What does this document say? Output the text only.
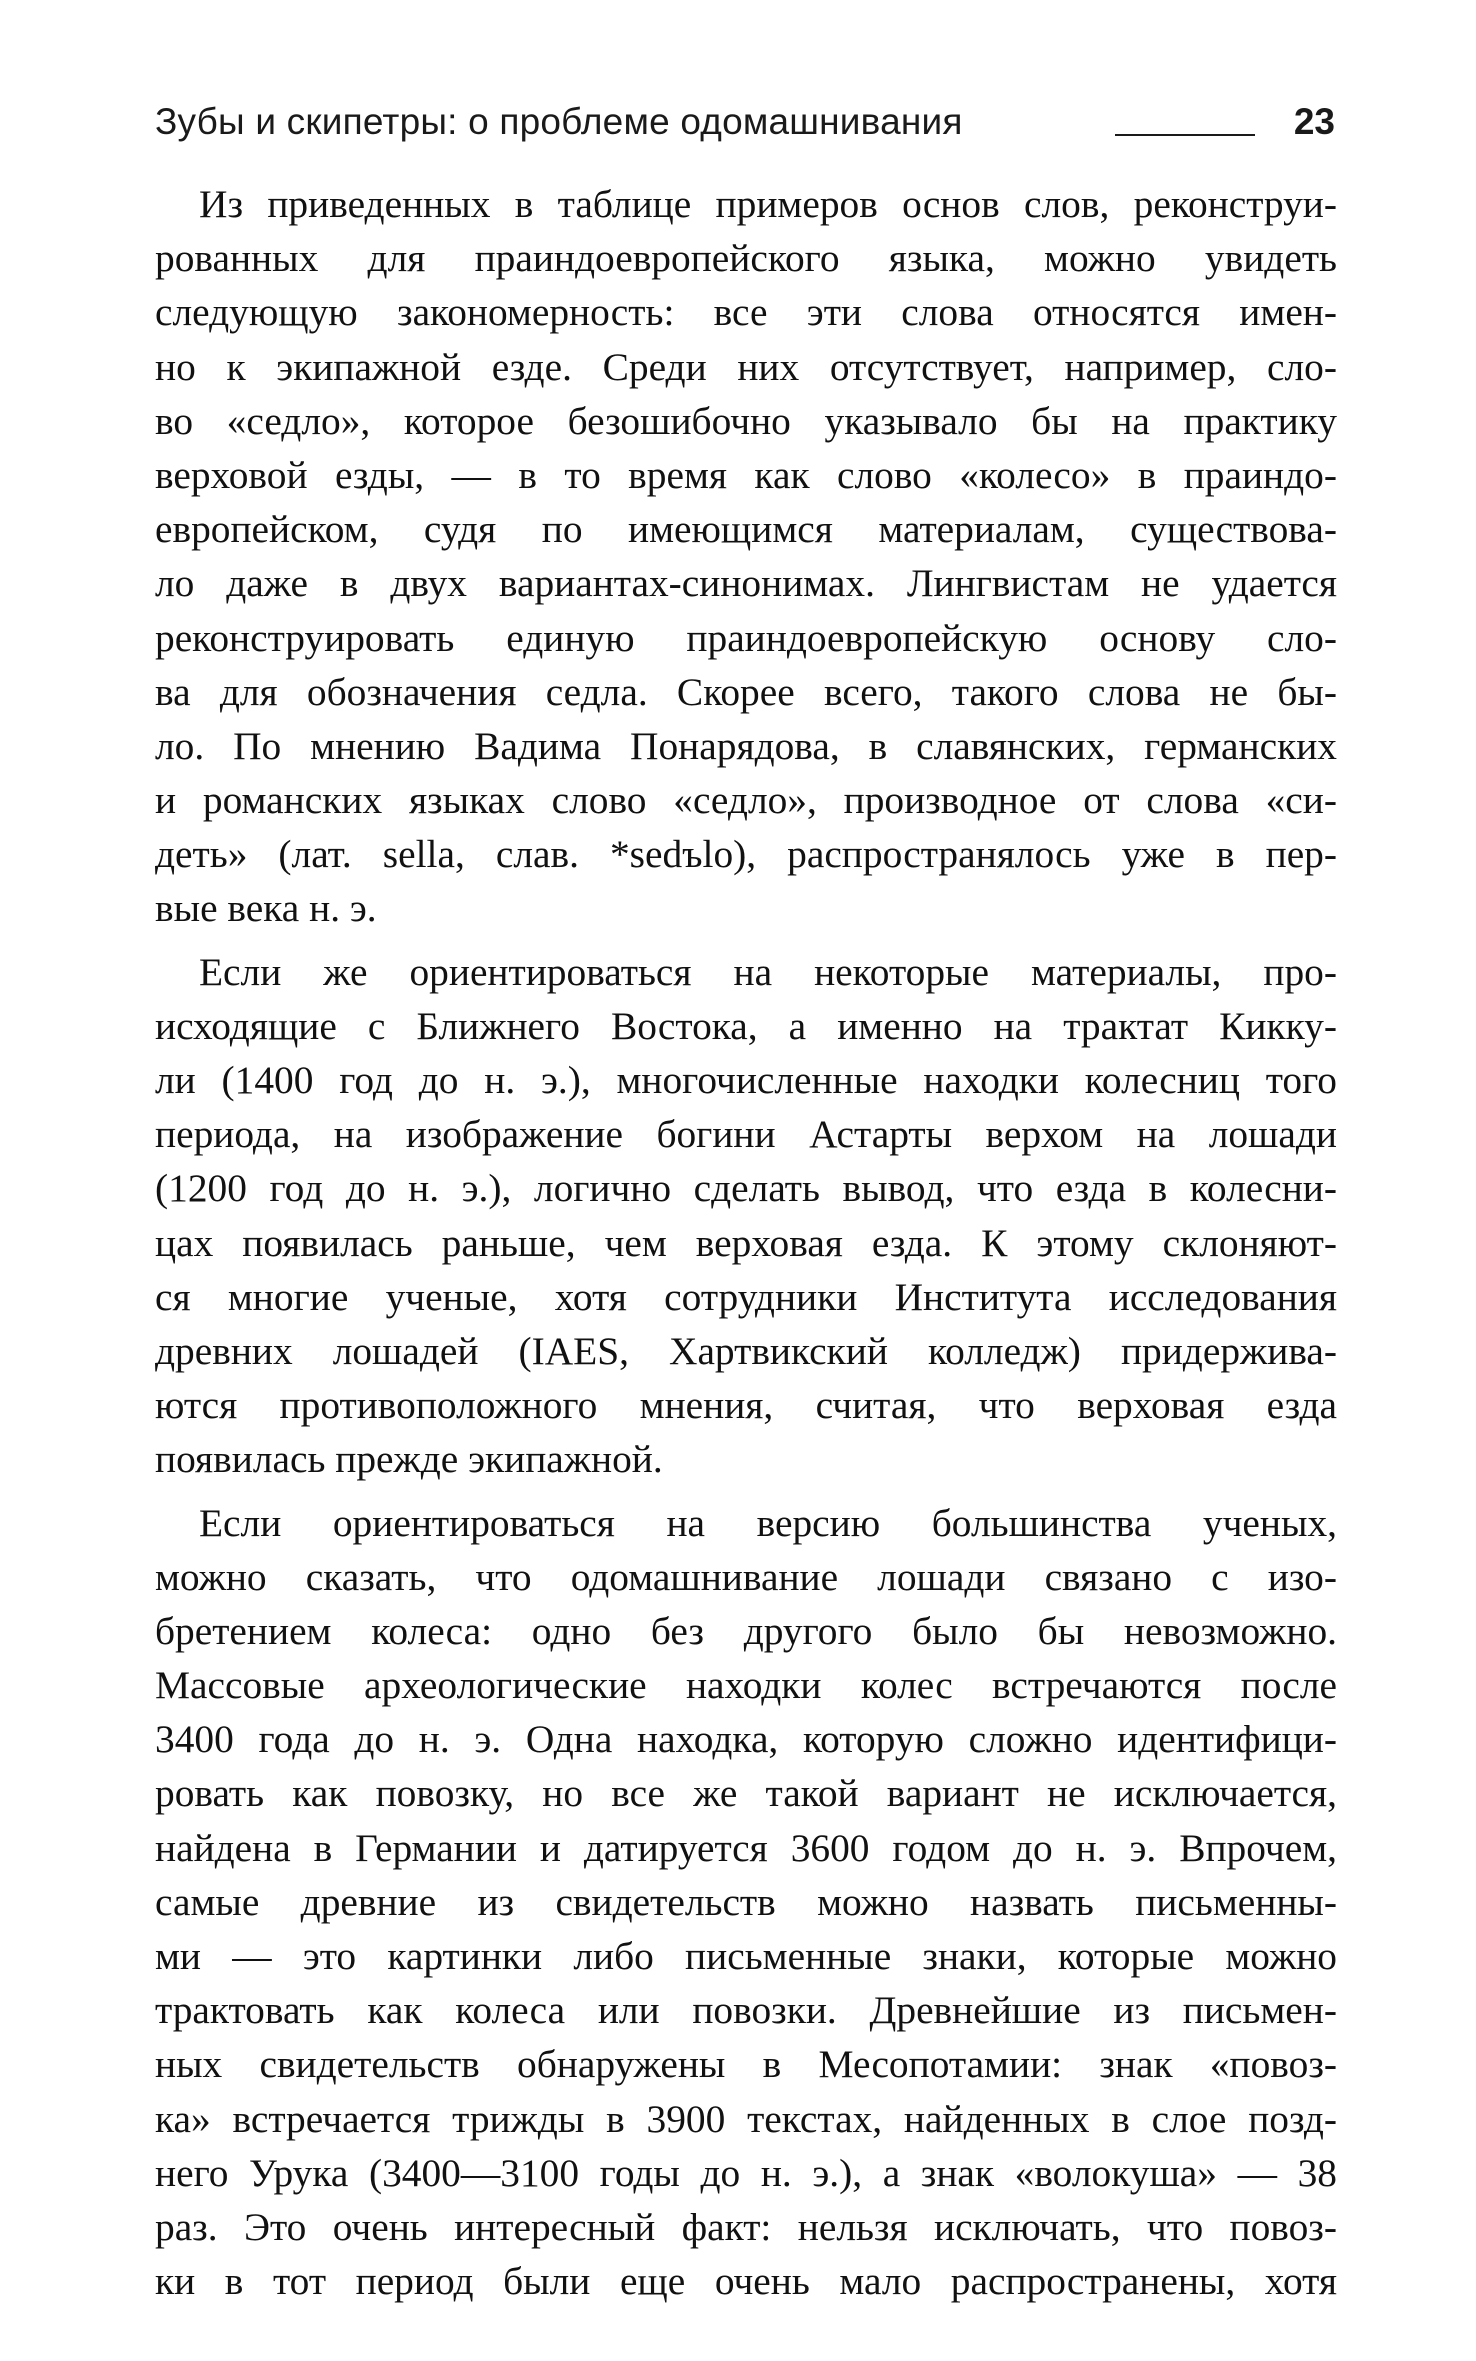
Зубы и скипетры: о проблеме одомашнивания	23
Из приведенных в таблице примеров основ слов, реконструи-
рованных для праиндоевропейского языка, можно увидеть
следующую закономерность: все эти слова относятся имен-
но к экипажной езде. Среди них отсутствует, например, сло-
во «седло», которое безошибочно указывало бы на практику
верховой езды, — в то время как слово «колесо» в праиндо-
европейском, судя по имеющимся материалам, существова-
ло даже в двух вариантах-синонимах. Лингвистам не удается
реконструировать единую праиндоевропейскую основу сло-
ва для обозначения седла. Скорее всего, такого слова не бы-
ло. По мнению Вадима Понарядова, в славянских, германских
и романских языках слово «седло», производное от слова «си-
деть» (лат. sella, слав. *sedъlo), распространялось уже в пер-
вые века н. э.
Если же ориентироваться на некоторые материалы, про-
исходящие с Ближнего Востока, а именно на трактат Кикку-
ли (1400 год до н. э.), многочисленные находки колесниц того
периода, на изображение богини Астарты верхом на лошади
(1200 год до н. э.), логично сделать вывод, что езда в колесни-
цах появилась раньше, чем верховая езда. К этому склоняют-
ся многие ученые, хотя сотрудники Института исследования
древних лошадей (IAES, Хартвикский колледж) придержива-
ются противоположного мнения, считая, что верховая езда
появилась прежде экипажной.
Если ориентироваться на версию большинства ученых,
можно сказать, что одомашнивание лошади связано с изо-
бретением колеса: одно без другого было бы невозможно.
Массовые археологические находки колес встречаются после
3400 года до н. э. Одна находка, которую сложно идентифици-
ровать как повозку, но все же такой вариант не исключается,
найдена в Германии и датируется 3600 годом до н. э. Впрочем,
самые древние из свидетельств можно назвать письменны-
ми — это картинки либо письменные знаки, которые можно
трактовать как колеса или повозки. Древнейшие из письмен-
ных свидетельств обнаружены в Месопотамии: знак «повоз-
ка» встречается трижды в 3900 текстах, найденных в слое позд-
него Урука (3400—3100 годы до н. э.), а знак «волокуша» — 38
раз. Это очень интересный факт: нельзя исключать, что повоз-
ки в тот период были еще очень мало распространены, хотя
